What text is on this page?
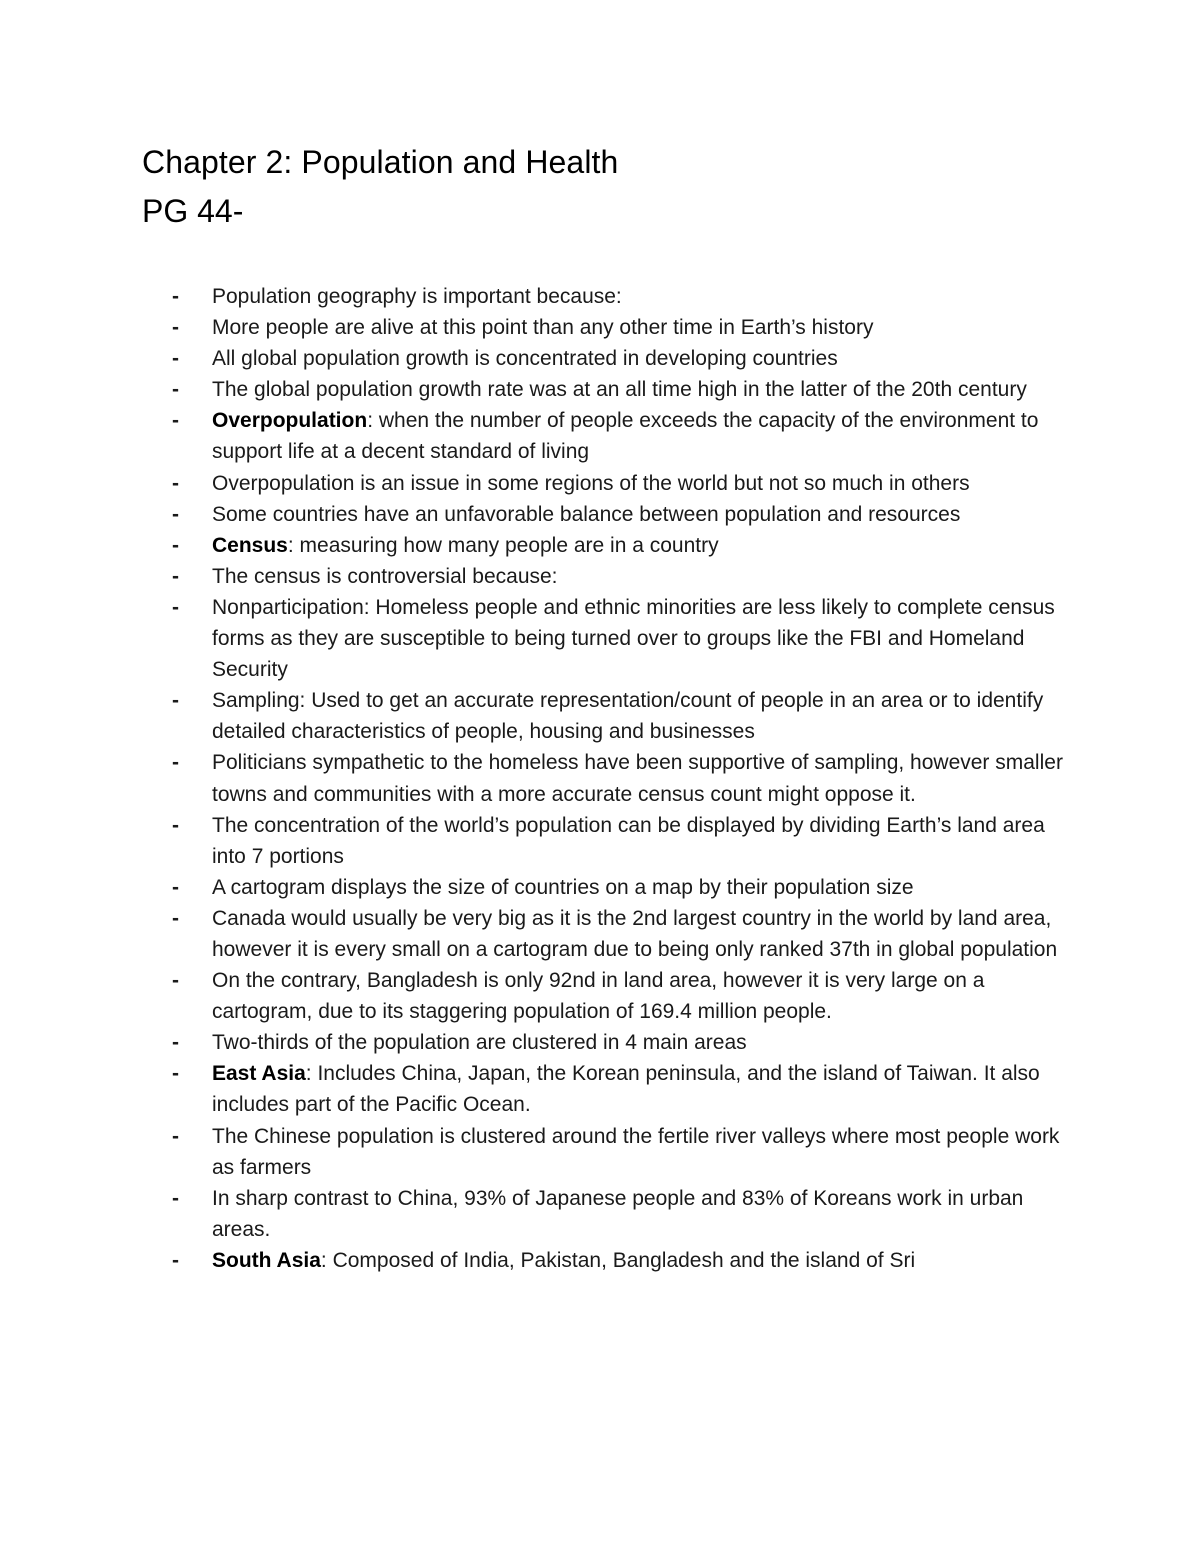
Chapter 2: Population and Health
PG 44-
-	Population geography is important because:
-	More people are alive at this point than any other time in Earth’s history
-	All global population growth is concentrated in developing countries
-	The global population growth rate was at an all time high in the latter of the 20th century
-	Overpopulation: when the number of people exceeds the capacity of the environment to support life at a decent standard of living
-	Overpopulation is an issue in some regions of the world but not so much in others
-	Some countries have an unfavorable balance between population and resources
-	Census: measuring how many people are in a country
-	The census is controversial because:
-	Nonparticipation: Homeless people and ethnic minorities are less likely to complete census forms as they are susceptible to being turned over to groups like the FBI and Homeland Security
-	Sampling: Used to get an accurate representation/count of people in an area or to identify detailed characteristics of people, housing and businesses
-	Politicians sympathetic to the homeless have been supportive of sampling, however smaller towns and communities with a more accurate census count might oppose it.
-	The concentration of the world’s population can be displayed by dividing Earth’s land area into 7 portions
-	A cartogram displays the size of countries on a map by their population size
-	Canada would usually be very big as it is the 2nd largest country in the world by land area, however it is every small on a cartogram due to being only ranked 37th in global population
-	On the contrary, Bangladesh is only 92nd in land area, however it is very large on a cartogram, due to its staggering population of 169.4 million people.
-	Two-thirds of the population are clustered in 4 main areas
-	East Asia: Includes China, Japan, the Korean peninsula, and the island of Taiwan. It also includes part of the Pacific Ocean.
-	The Chinese population is clustered around the fertile river valleys where most people work as farmers
-	In sharp contrast to China, 93% of Japanese people and 83% of Koreans work in urban areas.
-	South Asia: Composed of India, Pakistan, Bangladesh and the island of Sri
